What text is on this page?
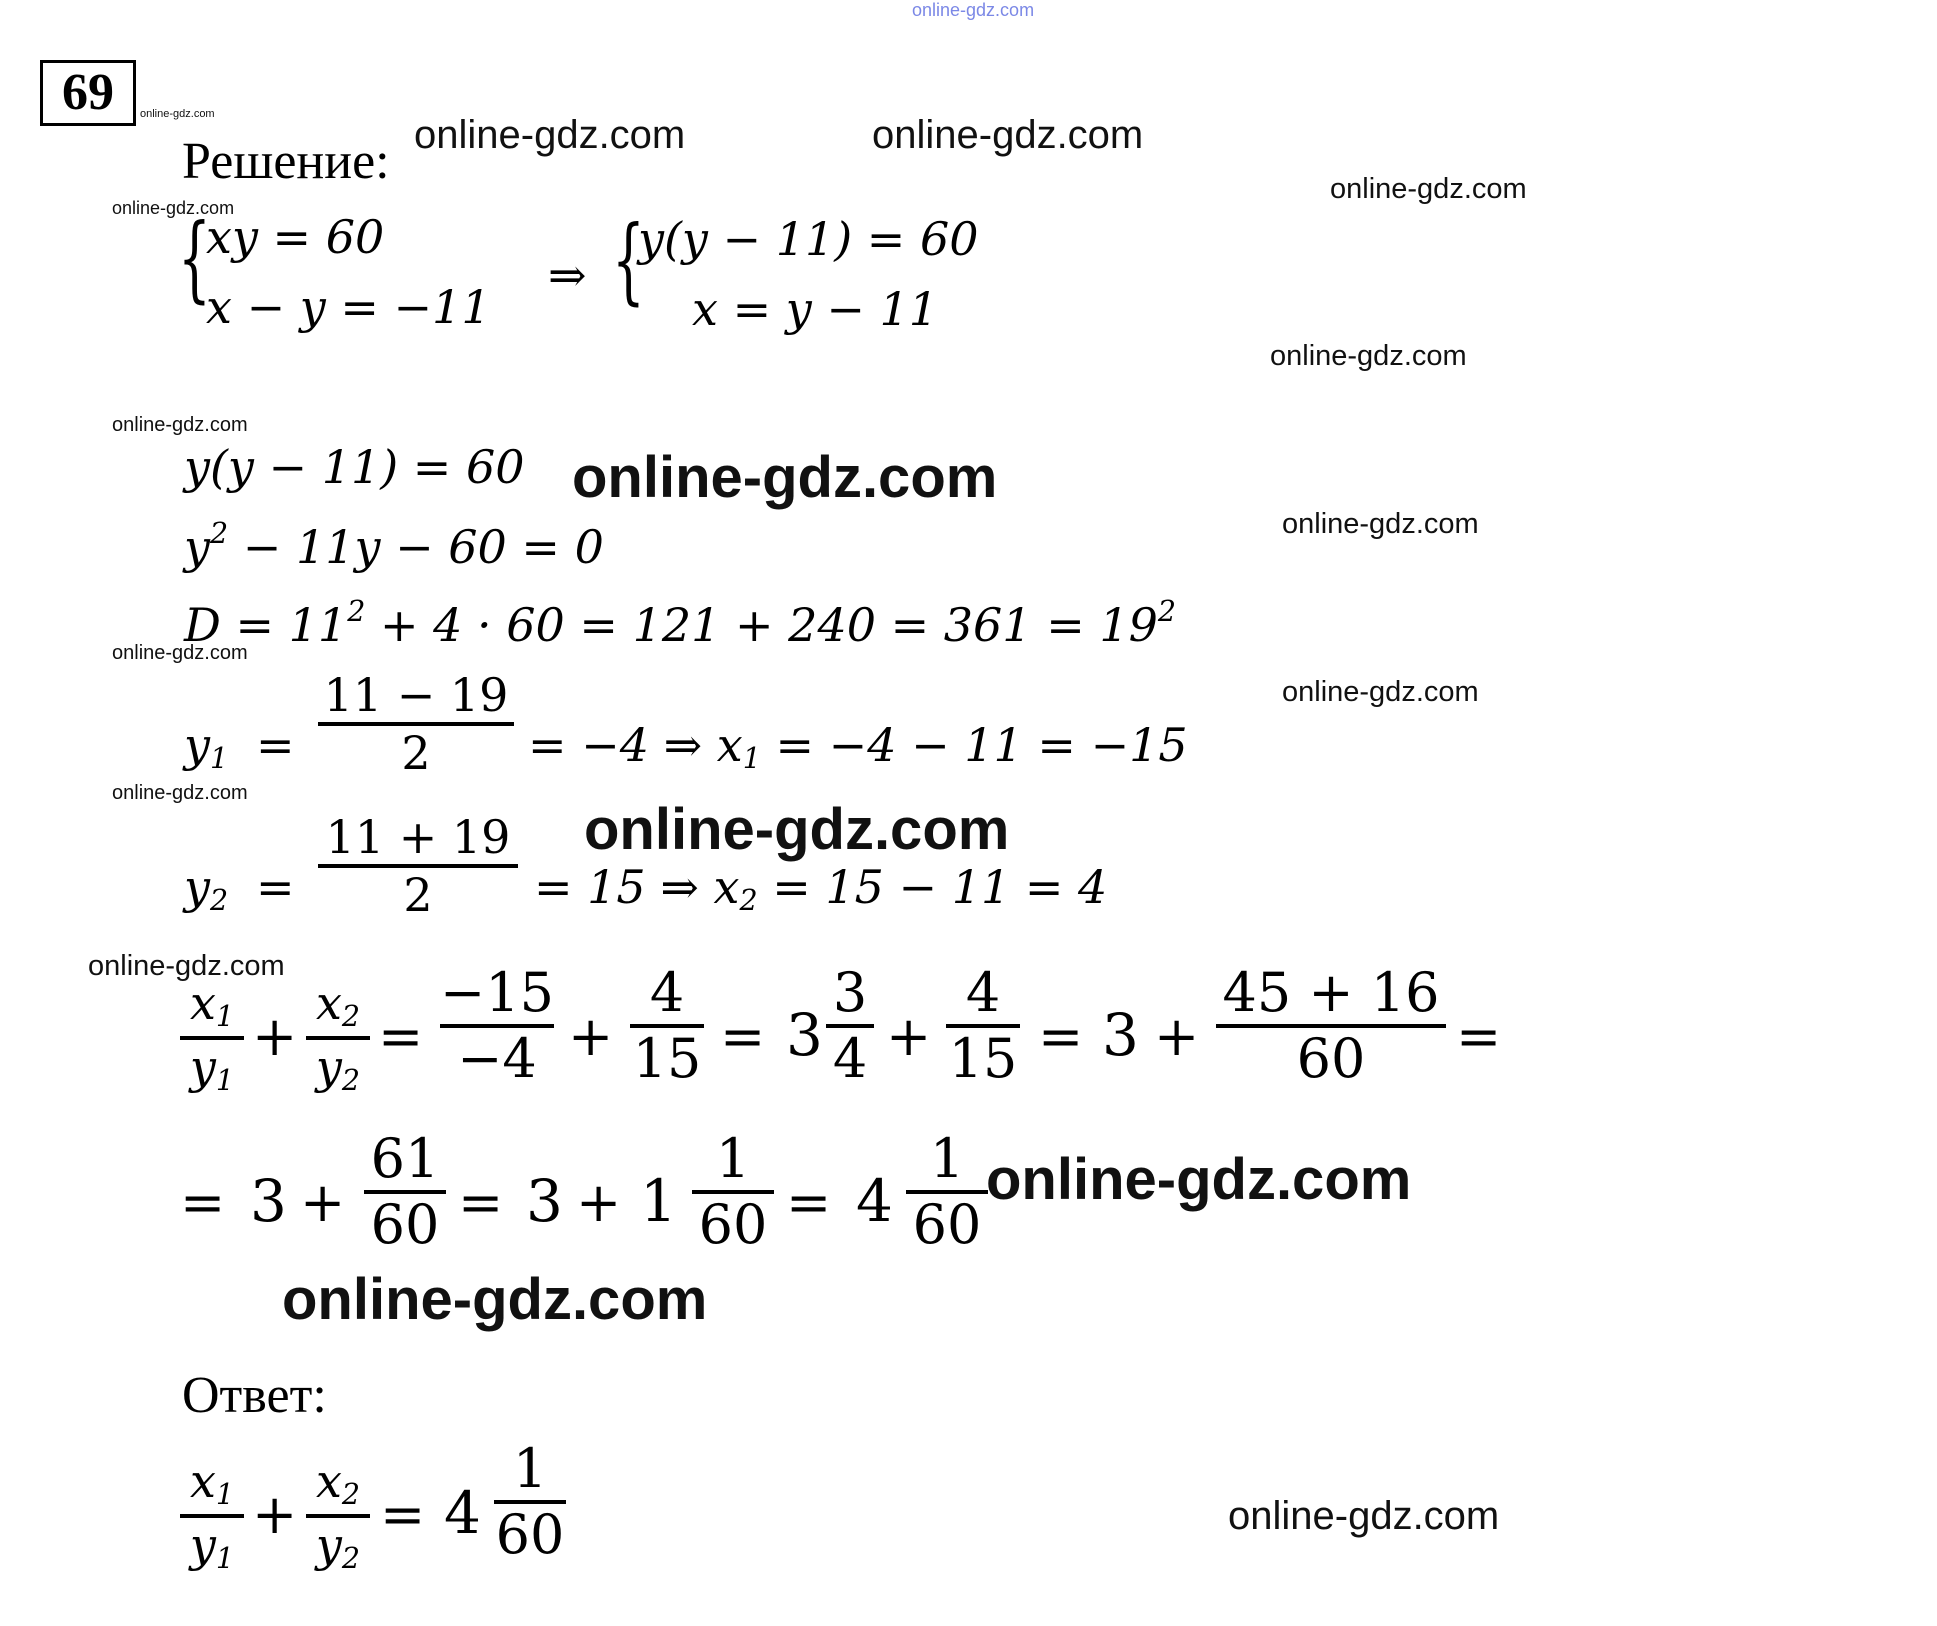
online-gdz.com
69	online-gdz.com
Решение: online-gdz.com	online-gdz.com
online-gdz.com
online-gdz.com
{
xy = 60
x − y = −11
⇒ {
y(y − 11) = 60
x = y − 11
online-gdz.com
online-gdz.com
y(y − 11) = 60 online-gdz.com
online-gdz.com
$y^2 - 11y - 60 = 0$
$D = 11^2 + 4 \cdot 60 = 121 + 240 = 361 = 19^2$
online-gdz.com
online-gdz.com
$y_1$ =
11 − 19
2	= −4 ⇒ $x_1 = -4 - 11 = -15$
online-gdz.com
online-gdz.com
$y_2$ =
11 + 19
2	= 15 ⇒ $x_2 = 15 - 11 = 4$
online-gdz.com
$x_1$
$y_1$
+
$x_2$
$y_2$
=
−15
−4 +
4
15 = 3
3
4 +
4
15 = 3 +
45 + 16
60	=
= 3 +
61
60 = 3 + 1
1
60 = 4
1
60
online-gdz.com
online-gdz.com
Ответ:
$x_1$
$y_1$
+
$x_2$
$y_2$
= 4
1
60	online-gdz.com
